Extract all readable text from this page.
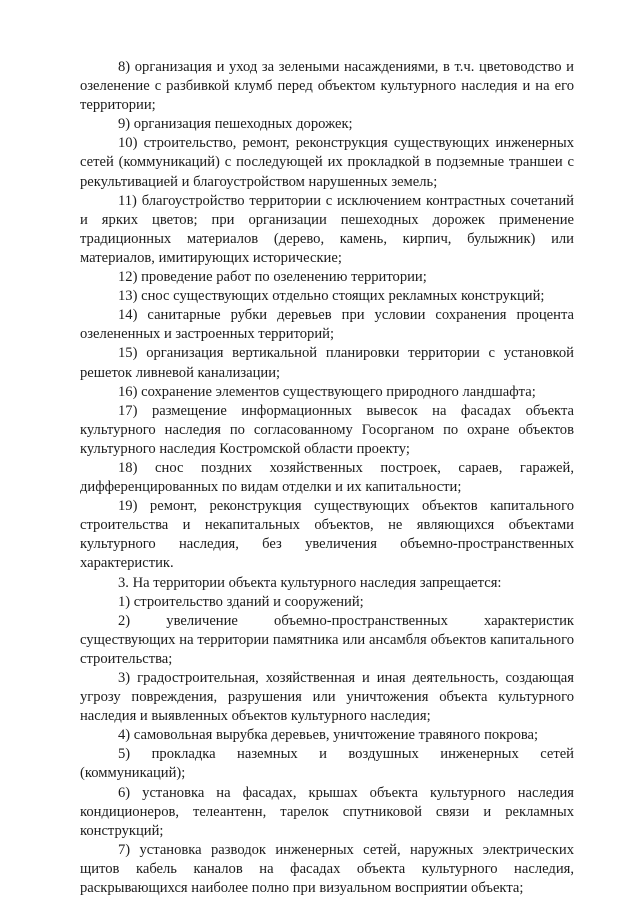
8) организация и уход за зелеными насаждениями, в т.ч. цветоводство и озеленение с разбивкой клумб перед объектом культурного наследия и на его территории;

9) организация пешеходных дорожек;

10) строительство, ремонт, реконструкция существующих инженерных сетей (коммуникаций) с последующей их прокладкой в подземные траншеи с рекультивацией и благоустройством нарушенных земель;

11) благоустройство территории с исключением контрастных сочетаний и ярких цветов; при организации пешеходных дорожек применение традиционных материалов (дерево, камень, кирпич, булыжник) или материалов, имитирующих исторические;

12) проведение работ по озеленению территории;

13) снос существующих отдельно стоящих рекламных конструкций;

14) санитарные рубки деревьев при условии сохранения процента озелененных и застроенных территорий;

15) организация вертикальной планировки территории с установкой решеток ливневой канализации;

16) сохранение элементов существующего природного ландшафта;

17) размещение информационных вывесок на фасадах объекта культурного наследия по согласованному Госорганом по охране объектов культурного наследия Костромской области проекту;

18) снос поздних хозяйственных построек, сараев, гаражей, дифференцированных по видам отделки и их капитальности;

19) ремонт, реконструкция существующих объектов капитального строительства и некапитальных объектов, не являющихся объектами культурного наследия, без увеличения объемно-пространственных характеристик.

3. На территории объекта культурного наследия запрещается:

1) строительство зданий и сооружений;

2) увеличение объемно-пространственных характеристик существующих на территории памятника или ансамбля объектов капитального строительства;

3) градостроительная, хозяйственная и иная деятельность, создающая угрозу повреждения, разрушения или уничтожения объекта культурного наследия и выявленных объектов культурного наследия;

4) самовольная вырубка деревьев, уничтожение травяного покрова;

5) прокладка наземных и воздушных инженерных сетей (коммуникаций);

6) установка на фасадах, крышах объекта культурного наследия кондиционеров, телеантенн, тарелок спутниковой связи и рекламных конструкций;

7) установка разводок инженерных сетей, наружных электрических щитов кабель каналов на фасадах объекта культурного наследия, раскрывающихся наиболее полно при визуальном восприятии объекта;
